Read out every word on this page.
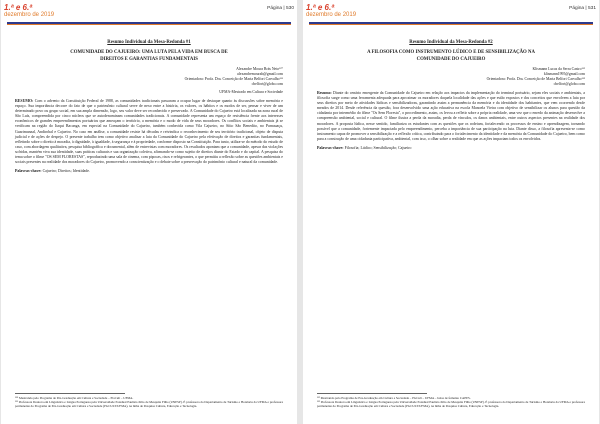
1.ª e 6.ª
dezembro de 2019
Página | 530
Resumo Individual da Mesa-Redonda #1
COMUNIDADE DO CAJUEIRO: UMA LUTA PELA VIDA EM BUSCA DE
DIREITOS E GARANTIAS FUNDAMENTAIS
Alexandre Moura Brás Neto¹¹⁰
alexandremourab@gmail.com
Orientadora: Profa. Dra. Conceição de Maria Belfort Carvalho¹¹¹
cbelfort@globo.com
UFMA-Mestrado em Cultura e Sociedade
RESUMO: Com o advento da Constituição Federal de 1988, as comunidades tradicionais passaram a ocupar lugar de destaque quanto às discussões sobre memória e espaço. Sua importância decorre do fato de que o patrimônio cultural serve de nexo entre a história, os valores, os hábitos e os modos de ser, pensar e viver de um determinado povo ou grupo social, em sua ampla dimensão, logo, seu valor deve ser reconhecido e preservado. A Comunidade do Cajueiro está localizada na zona rural de São Luís, compreendida por cinco núcleos que se autodenominam comunidades tradicionais. A comunidade representa um espaço de resistência frente aos interesses econômicos de grandes empreendimentos portuários que ameaçam o território, a memória e o modo de vida de seus moradores. Os conflitos sociais e ambientais já se verificam na região do Itaqui Bacanga, em especial na Comunidade do Cajueiro, também conhecida como Vila Cajueiro, no Sítio São Benedito, no Parnauaçu, Guarimanzal, Andirobal e Cajueiro. No caso em análise, a comunidade resiste há décadas e reivindica o reconhecimento de seu território tradicional, objeto de disputa judicial e de ações de despejo. O presente trabalho tem como objetivo analisar a luta da Comunidade do Cajueiro pela efetivação de direitos e garantias fundamentais, refletindo sobre o direito à moradia, à dignidade, à igualdade, à segurança e à propriedade, conforme disposto na Constituição. Para tanto, utiliza-se do método do estudo de caso, com abordagem qualitativa, pesquisa bibliográfica e documental, além de entrevistas com moradores. Os resultados apontam que a comunidade, apesar das violações sofridas, mantém viva sua identidade, suas práticas culturais e sua organização coletiva, afirmando-se como sujeito de direitos diante do Estado e do capital. A pesquisa do tema sobre o filme "OS SEM FLORESTAS", reproduzindo uma sala de cinema, com pipocas, risos e refrigerantes, o que permitiu a reflexão sobre as questões ambientais e sociais presentes na realidade dos moradores do Cajueiro, promovendo a conscientização e o debate sobre a preservação do patrimônio cultural e natural da comunidade.
Palavras-chave: Cajueiro; Direitos; Identidade.
¹¹⁰ Mestrando pelo Programa de Pós-Graduação em Cultura e Sociedade – PGCult – UFMA.
¹¹¹ Professora Doutora em Linguística e Língua Portuguesa pela Universidade Estadual Paulista Júlio de Mesquita Filho (UNESP). É professora do Departamento de Turismo e Hotelaria da UFMA e professora permanente do Programa de Pós-Graduação em Cultura e Sociedade (PGCULT/UFMA), na linha de Pesquisa Cultura, Educação e Tecnologia.
1.ª e 6.ª
dezembro de 2019
Página | 531
Resumo Individual da Mesa-Redonda #2
A FILOSOFIA COMO INSTRUMENTO LÚDICO E DE SENSIBILIZAÇÃO NA
COMUNIDADE DO CAJUEIRO
Klismann Lucas da Serra Castro¹¹²
klismann1995@gmail.com
Orientadora: Profa. Dra. Conceição de Maria Belfort Carvalho¹¹³
cbelfort@globo.com
Resumo: Diante do cenário emergente da Comunidade do Cajueiro em relação aos impactos da implementação do terminal portuário, sejam eles sociais e ambientais, a filosofia surge como uma ferramenta adequada para aproximar os moradores daquela localidade das ações e que estão expostos e dos conceitos que envolvem a luta por seus direitos por meio de atividades lúdicas e sensibilizadoras, garantindo assim a permanência da memória e da identidade dos habitantes, que vem ocorrendo desde meados de 2014. Desde referência da questão, fora desenvolvido uma ação educativa na escola Manoela Vieira com objetivo de sensibilizar os alunos para questão da cidadania por intermédio do filme "Os Sem Floresta", o procedimento, assim, os levou a refletir sobre a própria realidade, uma vez que o enredo da animação desenvolve a compreensão ambiental, social e cultural. O filme ilustra a perda da moradia, perda de vínculos, os danos ambientais, entre outros aspectos presentes na realidade dos moradores. A proposta lúdica, nesse sentido, familiariza os estudantes com as questões que os rodeiam, fortalecendo os processos de ensino e aprendizagem, tornando possível que a comunidade, fortemente impactada pelo empreendimento, perceba a importância de sua participação na luta. Diante disso, a filosofia apresenta-se como instrumento capaz de promover a sensibilização e a reflexão crítica, contribuindo para o fortalecimento da identidade e da memória da Comunidade do Cajueiro, bem como para a construção de uma cidadania participativa, ambiental, com isso, o olhar sobre a realidade em que as ações impactam todos os envolvidos.
Palavras-chave: Filosofia; Lúdico; Sensibilização; Cajueiro
¹¹² Mestrando pelo Programa de Pós-Graduação em Cultura e Sociedade – PGCult – UFMA – bolsa de fomento CAPES.
¹¹³ Professora Doutora em Linguística e Língua Portuguesa pela Universidade Estadual Paulista Júlio de Mesquita Filho (UNESP). É professora do Departamento de Turismo e Hotelaria da UFMA e professora permanente do Programa de Pós-Graduação em Cultura e Sociedade (PGCULT/UFMA), na linha de Pesquisa Cultura, Educação e Tecnologia.
